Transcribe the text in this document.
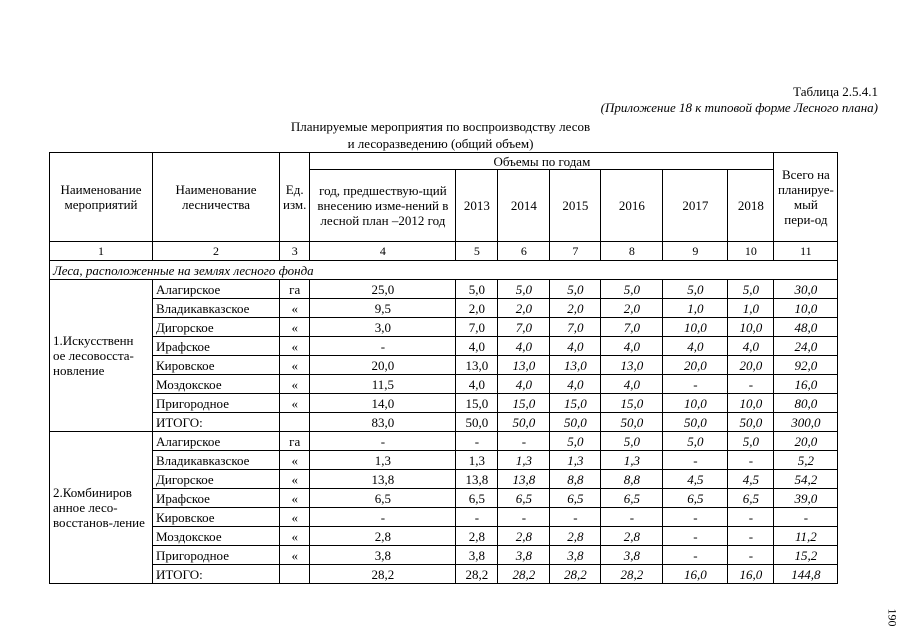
Таблица 2.5.4.1
(Приложение 18 к типовой форме Лесного плана)
Планируемые мероприятия по воспроизводству лесов
и лесоразведению (общий объем)
Наименование мероприятий	Наименование лесничества	Ед. изм.	Объемы по годам							Всего на планируе-мый пери-од
			год, предшествую-щий внесению изме-нений в лесной план –2012 год	2013	2014	2015	2016	2017	2018	
1	2	3	4	5	6	7	8	9	10	11
Леса, расположенные на землях лесного фонда										
1.Искусственн ое лесовосста-новление	Алагирское	га	25,0	5,0	5,0	5,0	5,0	5,0	5,0	30,0
	Владикавказское	«	9,5	2,0	2,0	2,0	2,0	1,0	1,0	10,0
	Дигорское	«	3,0	7,0	7,0	7,0	7,0	10,0	10,0	48,0
	Ирафское	«	-	4,0	4,0	4,0	4,0	4,0	4,0	24,0
	Кировское	«	20,0	13,0	13,0	13,0	13,0	20,0	20,0	92,0
	Моздокское	«	11,5	4,0	4,0	4,0	4,0	-	-	16,0
	Пригородное	«	14,0	15,0	15,0	15,0	15,0	10,0	10,0	80,0
	ИТОГО:		83,0	50,0	50,0	50,0	50,0	50,0	50,0	300,0
2.Комбиниров анное лесо-восстанов-ление	Алагирское	га	-	-	-	5,0	5,0	5,0	5,0	20,0
	Владикавказское	«	1,3	1,3	1,3	1,3	1,3	-	-	5,2
	Дигорское	«	13,8	13,8	13,8	8,8	8,8	4,5	4,5	54,2
	Ирафское	«	6,5	6,5	6,5	6,5	6,5	6,5	6,5	39,0
	Кировское	«	-	-	-	-	-	-	-	-
	Моздокское	«	2,8	2,8	2,8	2,8	2,8	-	-	11,2
	Пригородное	«	3,8	3,8	3,8	3,8	3,8	-	-	15,2
	ИТОГО:		28,2	28,2	28,2	28,2	28,2	16,0	16,0	144,8
190
